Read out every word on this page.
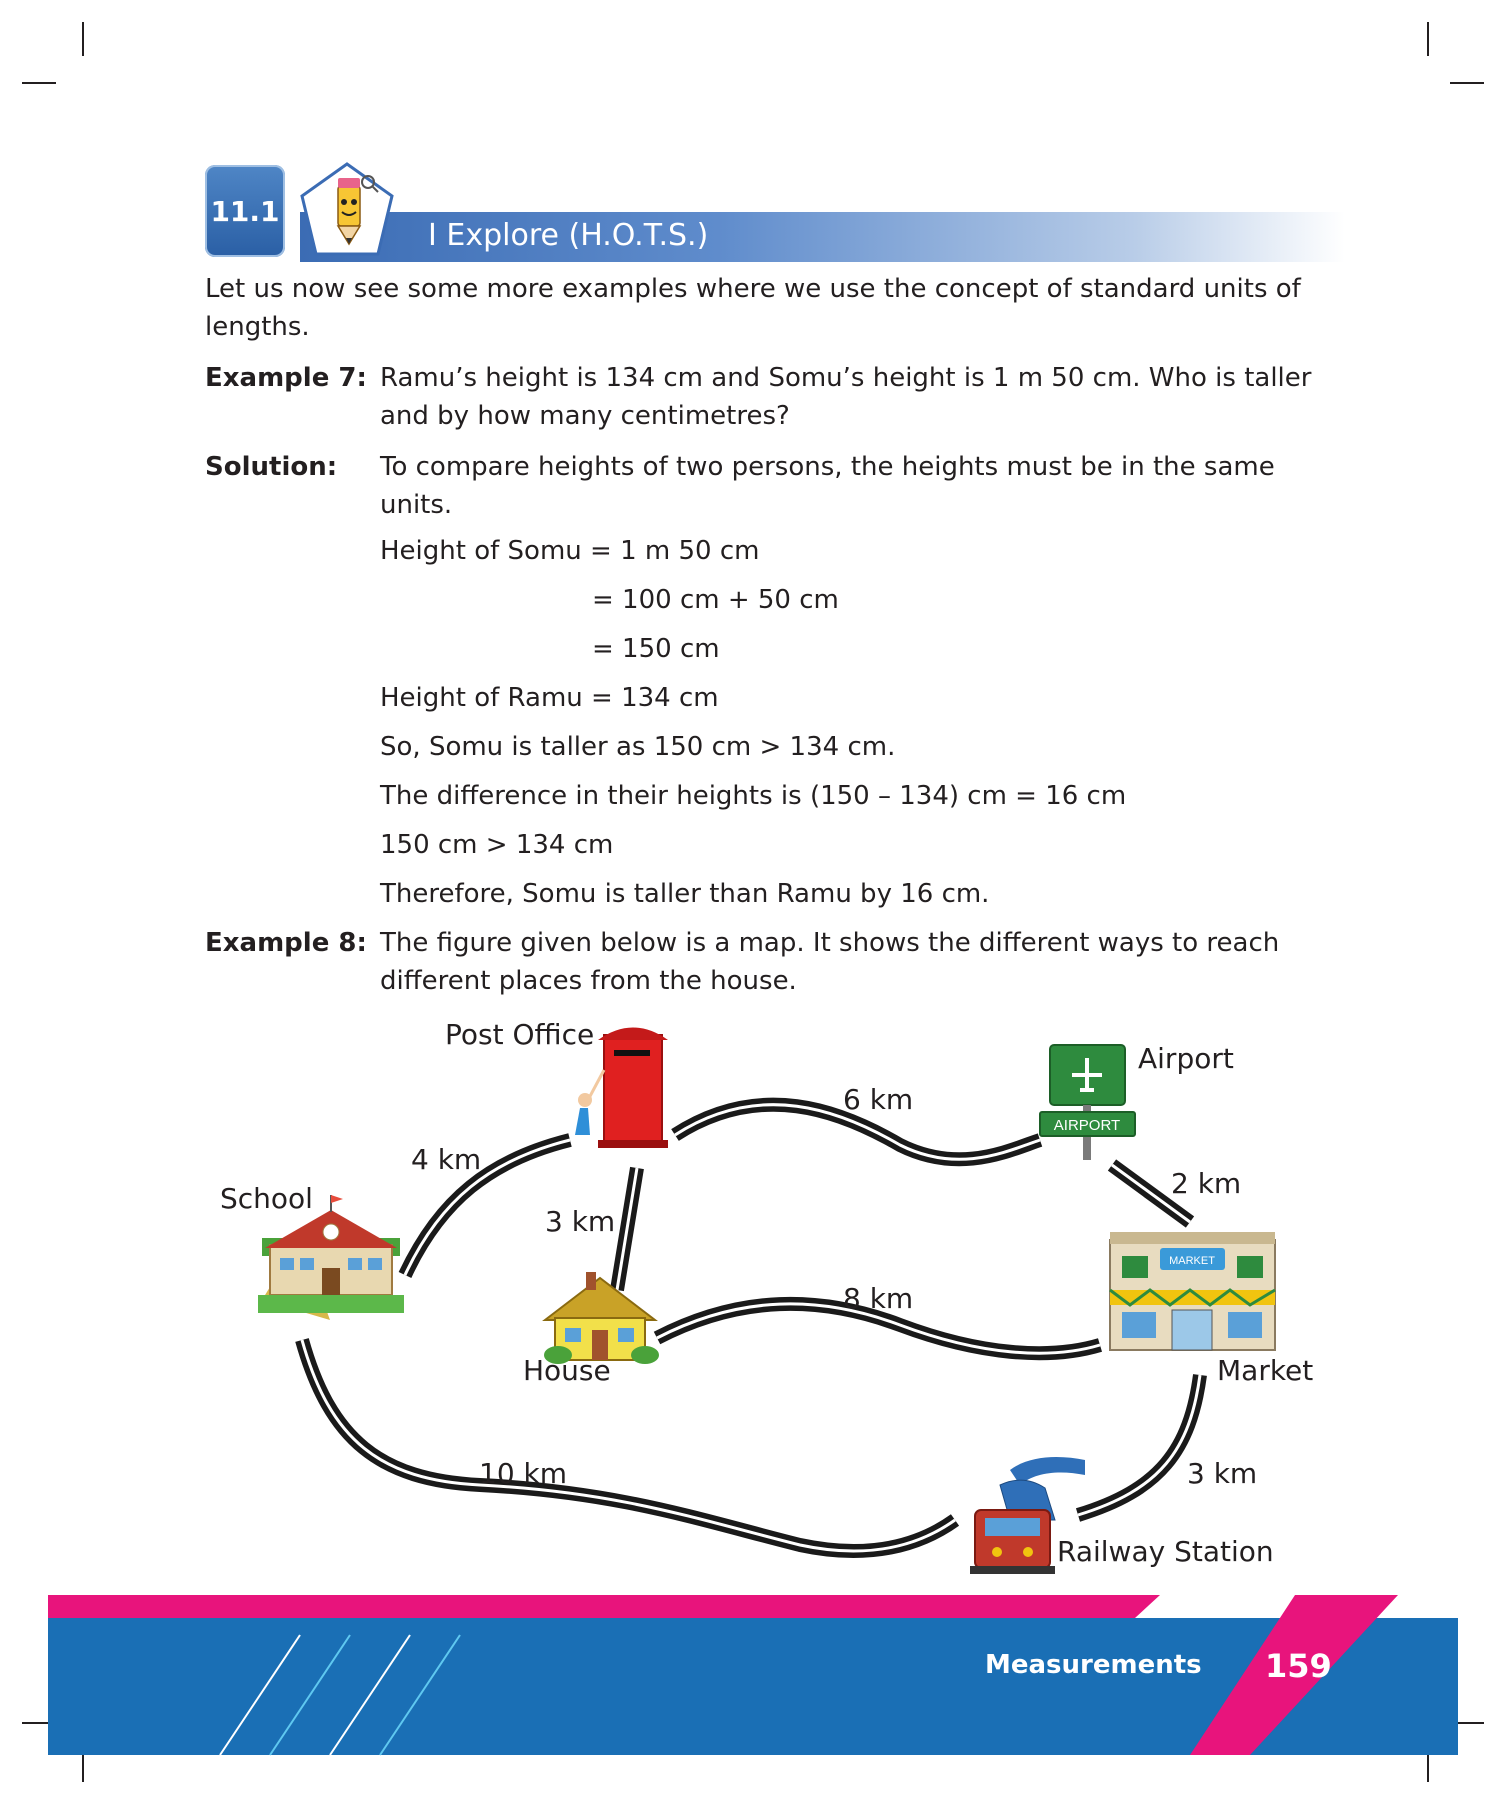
11.1
I Explore (H.O.T.S.)

Let us now see some more examples where we use the concept of standard units of lengths.

Example 7: Ramu’s height is 134 cm and Somu’s height is 1 m 50 cm. Who is taller and by how many centimetres?

Solution: To compare heights of two persons, the heights must be in the same units.

Height of Somu = 1 m 50 cm

= 100 cm + 50 cm

= 150 cm

Height of Ramu = 134 cm

So, Somu is taller as 150 cm > 134 cm.

The difference in their heights is (150 – 134) cm = 16 cm

150 cm > 134 cm

Therefore, Somu is taller than Ramu by 16 cm.

Example 8: The figure given below is a map. It shows the different ways to reach different places from the house.

AIRPORT
MARKET
Post Office
Airport
School
House	Market
Railway Station
6 km
4 km
3 km
2 km
8 km
10 km	3 km
Measurements 159
